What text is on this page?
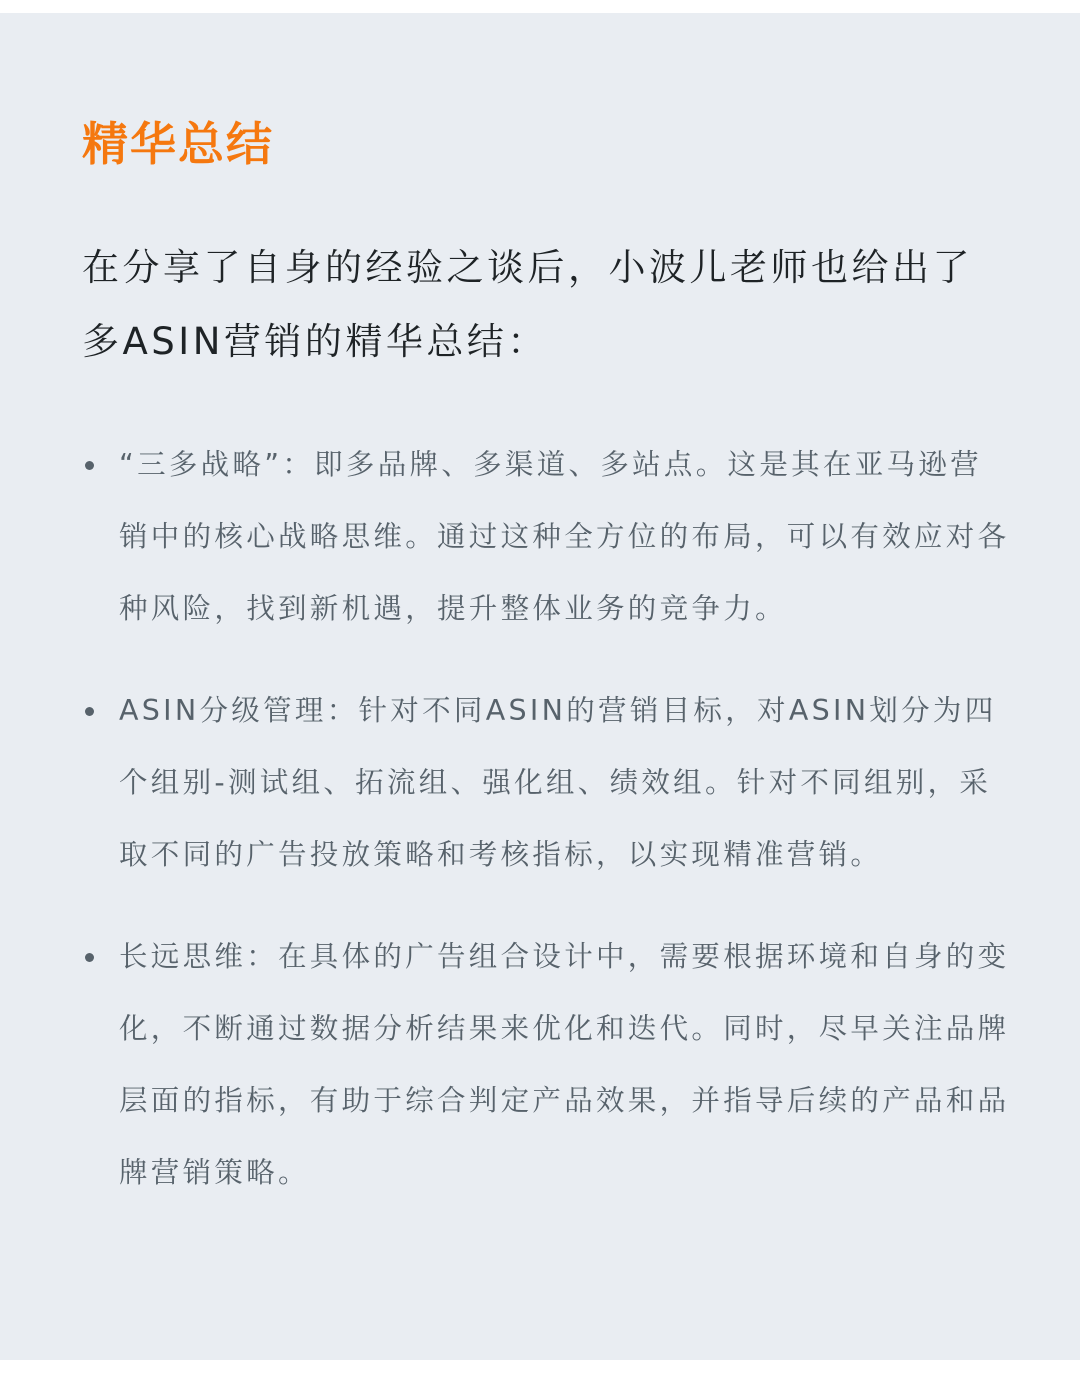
精华总结

在分享了自身的经验之谈后，小波儿老师也给出了多ASIN营销的精华总结：

“三多战略”：即多品牌、多渠道、多站点。这是其在亚马逊营销中的核心战略思维。通过这种全方位的布局，可以有效应对各种风险，找到新机遇，提升整体业务的竞争力。
ASIN分级管理：针对不同ASIN的营销目标，对ASIN划分为四个组别-测试组、拓流组、强化组、绩效组。针对不同组别，采取不同的广告投放策略和考核指标，以实现精准营销。
长远思维：在具体的广告组合设计中，需要根据环境和自身的变化，不断通过数据分析结果来优化和迭代。同时，尽早关注品牌层面的指标，有助于综合判定产品效果，并指导后续的产品和品牌营销策略。
